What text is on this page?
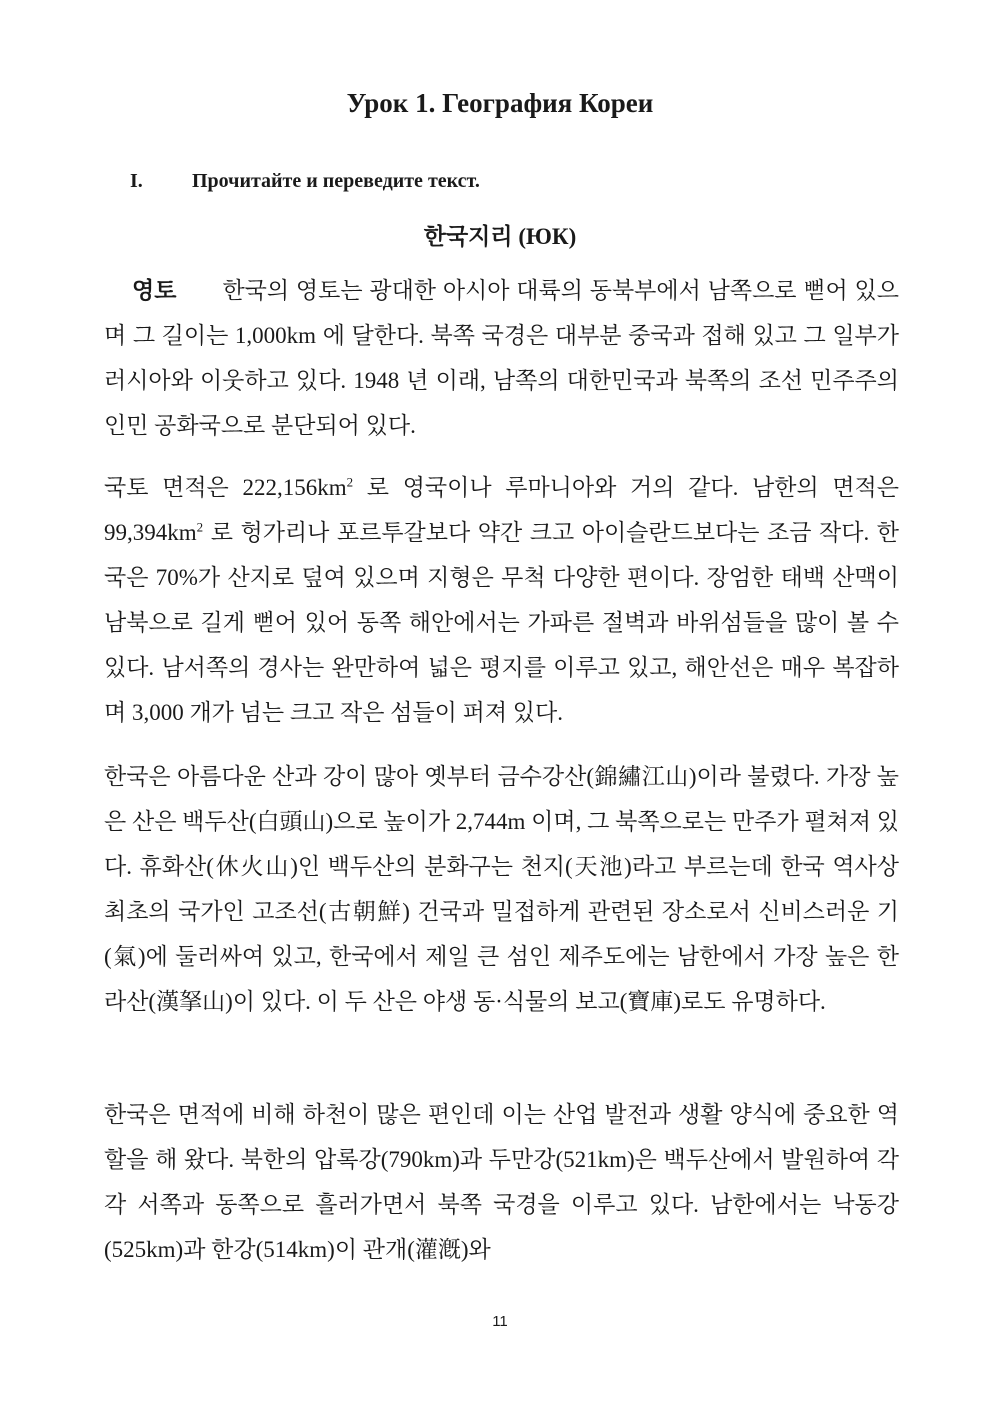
Урок 1. География Кореи
I. Прочитайте и переведите текст.
한국지리 (ЮК)
영토 한국의 영토는 광대한 아시아 대륙의 동북부에서 남쪽으로 뻗어 있으며 그 길이는 1,000km 에 달한다. 북쪽 국경은 대부분 중국과 접해 있고 그 일부가 러시아와 이웃하고 있다. 1948 년 이래, 남쪽의 대한민국과 북쪽의 조선 민주주의 인민 공화국으로 분단되어 있다.
국토 면적은 $222,156km^2$ 로 영국이나 루마니아와 거의 같다. 남한의 면적은 $99,394km^2$ 로 헝가리나 포르투갈보다 약간 크고 아이슬란드보다는 조금 작다. 한국은 70%가 산지로 덮여 있으며 지형은 무척 다양한 편이다. 장엄한 태백 산맥이 남북으로 길게 뻗어 있어 동쪽 해안에서는 가파른 절벽과 바위섬들을 많이 볼 수 있다. 남서쪽의 경사는 완만하여 넓은 평지를 이루고 있고, 해안선은 매우 복잡하며 3,000 개가 넘는 크고 작은 섬들이 퍼져 있다.
한국은 아름다운 산과 강이 많아 옛부터 금수강산(錦繡江山)이라 불렸다. 가장 높은 산은 백두산(白頭山)으로 높이가 2,744m 이며, 그 북쪽으로는 만주가 펼쳐져 있다. 휴화산(休火山)인 백두산의 분화구는 천지(天池)라고 부르는데 한국 역사상 최초의 국가인 고조선(古朝鮮) 건국과 밀접하게 관련된 장소로서 신비스러운 기(氣)에 둘러싸여 있고, 한국에서 제일 큰 섬인 제주도에는 남한에서 가장 높은 한라산(漢拏山)이 있다. 이 두 산은 야생 동·식물의 보고(寶庫)로도 유명하다.
한국은 면적에 비해 하천이 많은 편인데 이는 산업 발전과 생활 양식에 중요한 역할을 해 왔다. 북한의 압록강(790km)과 두만강(521km)은 백두산에서 발원하여 각각 서쪽과 동쪽으로 흘러가면서 북쪽 국경을 이루고 있다. 남한에서는 낙동강(525km)과 한강(514km)이 관개(灌漑)와
11
